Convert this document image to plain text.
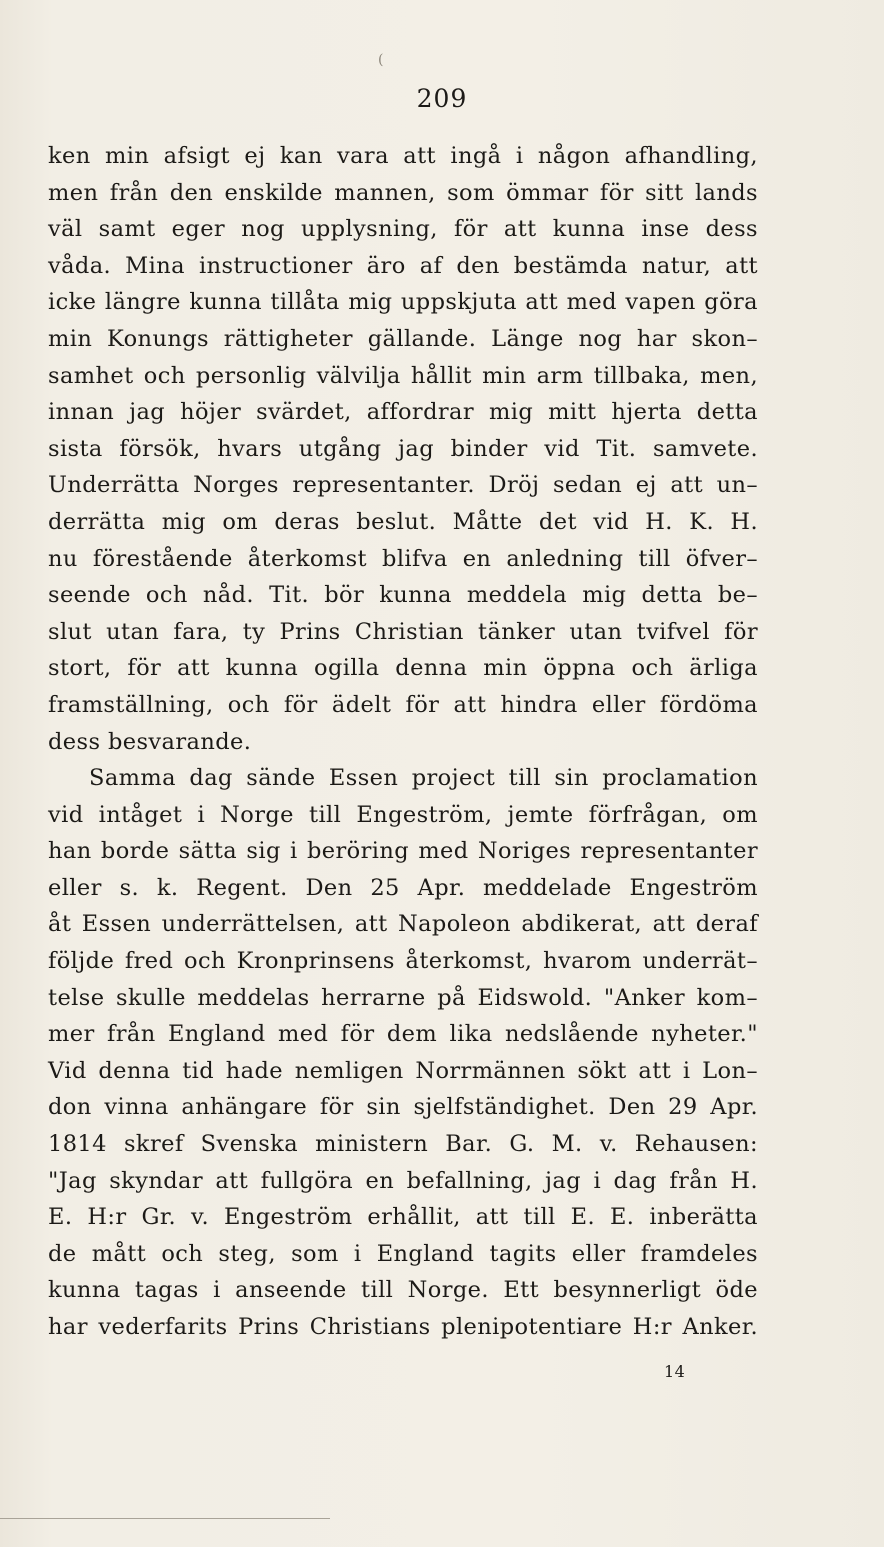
(
209
ken min afsigt ej kan vara att ingå i någon afhandling,
men från den enskilde mannen, som ömmar för sitt lands
väl samt eger nog upplysning, för att kunna inse dess
våda. Mina instructioner äro af den bestämda natur, att
icke längre kunna tillåta mig uppskjuta att med vapen göra
min Konungs rättigheter gällande. Länge nog har skon–
samhet och personlig välvilja hållit min arm tillbaka, men,
innan jag höjer svärdet, affordrar mig mitt hjerta detta
sista försök, hvars utgång jag binder vid Tit. samvete.
Underrätta Norges representanter. Dröj sedan ej att un–
derrätta mig om deras beslut. Måtte det vid H. K. H.
nu förestående återkomst blifva en anledning till öfver–
seende och nåd. Tit. bör kunna meddela mig detta be–
slut utan fara, ty Prins Christian tänker utan tvifvel för
stort, för att kunna ogilla denna min öppna och ärliga
framställning, och för ädelt för att hindra eller fördöma
dess besvarande.
Samma dag sände Essen project till sin proclamation
vid intåget i Norge till Engeström, jemte förfrågan, om
han borde sätta sig i beröring med Noriges representanter
eller s. k. Regent. Den 25 Apr. meddelade Engeström
åt Essen underrättelsen, att Napoleon abdikerat, att deraf
följde fred och Kronprinsens återkomst, hvarom underrät–
telse skulle meddelas herrarne på Eidswold. "Anker kom–
mer från England med för dem lika nedslående nyheter."
Vid denna tid hade nemligen Norrmännen sökt att i Lon–
don vinna anhängare för sin sjelfständighet. Den 29 Apr.
1814 skref Svenska ministern Bar. G. M. v. Rehausen:
"Jag skyndar att fullgöra en befallning, jag i dag från H.
E. H:r Gr. v. Engeström erhållit, att till E. E. inberätta
de mått och steg, som i England tagits eller framdeles
kunna tagas i anseende till Norge. Ett besynnerligt öde
har vederfarits Prins Christians plenipotentiare H:r Anker.
14
